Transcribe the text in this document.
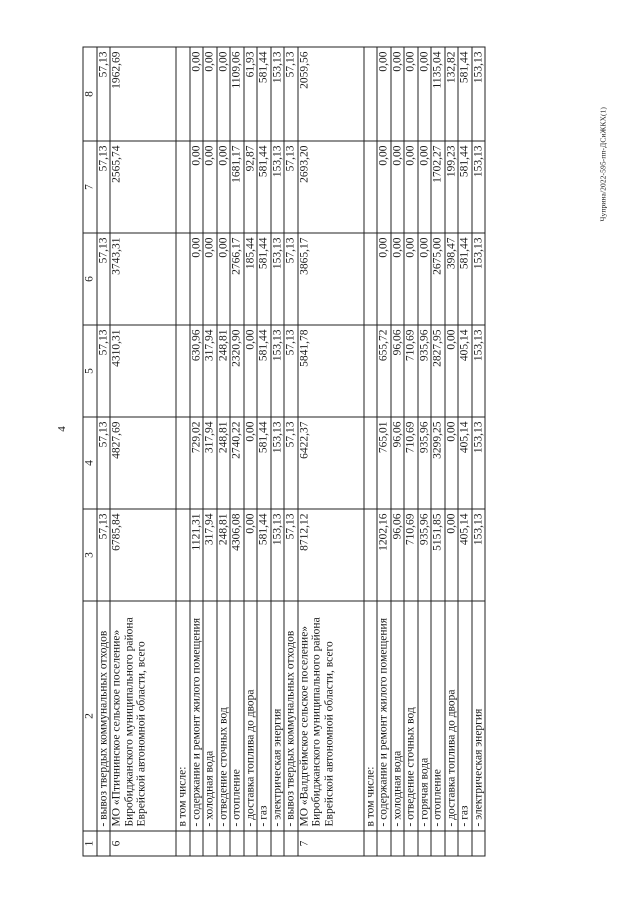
4
Чуприна/2022-595-пп-ДСиЖКХ(1)
1	2	3	4	5	6	7	8
	- вывоз твердых коммунальных отходов	57,13	57,13	57,13	57,13	57,13	57,13
6	МО «Птичнинское сельское поселение» Биробиджанского муниципального района Еврейской автономной области, всего	6785,84	4827,69	4310,31	3743,31	2565,74	1962,69
	в том числе:						
	- содержание и ремонт жилого помещения	1121,31	729,02	630,96	0,00	0,00	0,00
	- холодная вода	317,94	317,94	317,94	0,00	0,00	0,00
	- отведение сточных вод	248,81	248,81	248,81	0,00	0,00	0,00
	- отопление	4306,08	2740,22	2320,90	2766,17	1681,17	1109,06
	- доставка топлива до двора	0,00	0,00	0,00	185,44	92,87	61,93
	- газ	581,44	581,44	581,44	581,44	581,44	581,44
	- электрическая энергия	153,13	153,13	153,13	153,13	153,13	153,13
	- вывоз твердых коммунальных отходов	57,13	57,13	57,13	57,13	57,13	57,13
7	МО «Валдгеймское сельское поселение» Биробиджанского муниципального района Еврейской автономной области, всего	8712,12	6422,37	5841,78	3865,17	2693,20	2059,56
	в том числе:						
	- содержание и ремонт жилого помещения	1202,16	765,01	655,72	0,00	0,00	0,00
	- холодная вода	96,06	96,06	96,06	0,00	0,00	0,00
	- отведение сточных вод	710,69	710,69	710,69	0,00	0,00	0,00
	- горячая вода	935,96	935,96	935,96	0,00	0,00	0,00
	- отопление	5151,85	3299,25	2827,95	2675,00	1702,27	1135,04
	- доставка топлива до двора	0,00	0,00	0,00	398,47	199,23	132,82
	- газ	405,14	405,14	405,14	581,44	581,44	581,44
	- электрическая энергия	153,13	153,13	153,13	153,13	153,13	153,13
